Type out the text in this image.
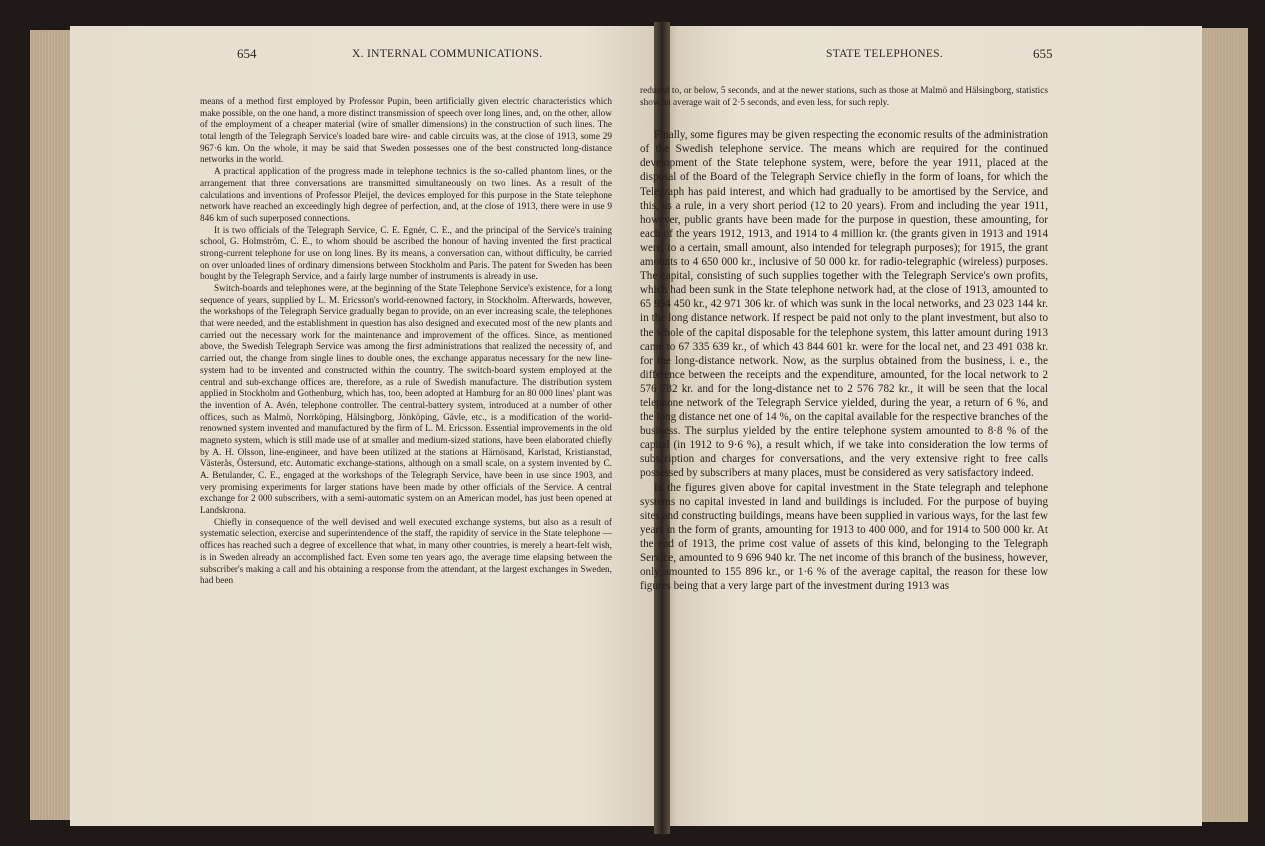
654	X. INTERNAL COMMUNICATIONS.	STATE TELEPHONES.	655

means of a method first employed by Professor Pupin, been artificially given electric characteristics which make possible, on the one hand, a more distinct transmission of speech over long lines, and, on the other, allow of the employment of a cheaper material (wire of smaller dimensions) in the construction of such lines. The total length of the Telegraph Service's loaded bare wire- and cable circuits was, at the close of 1913, some 29 967·6 km. On the whole, it may be said that Sweden possesses one of the best constructed long-distance networks in the world.

A practical application of the progress made in telephone technics is the so-called phantom lines, or the arrangement that three conversations are transmitted simultaneously on two lines. As a result of the calculations and inventions of Professor Pleijel, the devices employed for this purpose in the State telephone network have reached an exceedingly high degree of perfection, and, at the close of 1913, there were in use 9 846 km of such superposed connections.

It is two officials of the Telegraph Service, C. E. Egnér, C. E., and the principal of the Service's training school, G. Holmström, C. E., to whom should be ascribed the honour of having invented the first practical strong-current telephone for use on long lines. By its means, a conversation can, without difficulty, be carried on over unloaded lines of ordinary dimensions between Stockholm and Paris. The patent for Sweden has been bought by the Telegraph Service, and a fairly large number of instruments is already in use.

Switch-boards and telephones were, at the beginning of the State Telephone Service's existence, for a long sequence of years, supplied by L. M. Ericsson's world-renowned factory, in Stockholm. Afterwards, however, the workshops of the Telegraph Service gradually began to provide, on an ever increasing scale, the telephones that were needed, and the establishment in question has also designed and executed most of the new plants and carried out the necessary work for the maintenance and improvement of the offices. Since, as mentioned above, the Swedish Telegraph Service was among the first administrations that realized the necessity of, and carried out, the change from single lines to double ones, the exchange apparatus necessary for the new line-system had to be invented and constructed within the country. The switch-board system employed at the central and sub-exchange offices are, therefore, as a rule of Swedish manufacture. The distribution system applied in Stockholm and Gothenburg, which has, too, been adopted at Hamburg for an 80 000 lines' plant was the invention of A. Avén, telephone controller. The central-battery system, introduced at a number of other offices, such as Malmö, Norrköping, Hälsingborg, Jönköping, Gävle, etc., is a modification of the world-renowned system invented and manufactured by the firm of L. M. Ericsson. Essential improvements in the old magneto system, which is still made use of at smaller and medium-sized stations, have been elaborated chiefly by A. H. Olsson, line-engineer, and have been utilized at the stations at Härnösand, Karlstad, Kristianstad, Västerås, Östersund, etc. Automatic exchange-stations, although on a small scale, on a system invented by C. A. Betulander, C. E., engaged at the workshops of the Telegraph Service, have been in use since 1903, and very promising experiments for larger stations have been made by other officials of the Service. A central exchange for 2 000 subscribers, with a semi-automatic system on an American model, has just been opened at Landskrona.

Chiefly in consequence of the well devised and well executed exchange systems, but also as a result of systematic selection, exercise and superintendence of the staff, the rapidity of service in the State telephone — offices has reached such a degree of excellence that what, in many other countries, is merely a heart-felt wish, is in Sweden already an accomplished fact. Even some ten years ago, the average time elapsing between the subscriber's making a call and his obtaining a response from the attendant, at the largest exchanges in Sweden, had been

reduced to, or below, 5 seconds, and at the newer stations, such as those at Malmö and Hälsingborg, statistics show an average wait of 2·5 seconds, and even less, for such reply.

Finally, some figures may be given respecting the economic results of the administration of the Swedish telephone service. The means which are required for the continued development of the State telephone system, were, before the year 1911, placed at the disposal of the Board of the Telegraph Service chiefly in the form of loans, for which the Telegraph has paid interest, and which had gradually to be amortised by the Service, and this, as a rule, in a very short period (12 to 20 years). From and including the year 1911, however, public grants have been made for the purpose in question, these amounting, for each of the years 1912, 1913, and 1914 to 4 million kr. (the grants given in 1913 and 1914 were, to a certain, small amount, also intended for telegraph purposes); for 1915, the grant amounts to 4 650 000 kr., inclusive of 50 000 kr. for radio-telegraphic (wireless) purposes. The capital, consisting of such supplies together with the Telegraph Service's own profits, which had been sunk in the State telephone network had, at the close of 1913, amounted to 65 994 450 kr., 42 971 306 kr. of which was sunk in the local networks, and 23 023 144 kr. in the long distance network. If respect be paid not only to the plant investment, but also to the whole of the capital disposable for the telephone system, this latter amount during 1913 came to 67 335 639 kr., of which 43 844 601 kr. were for the local net, and 23 491 038 kr. for the long-distance network. Now, as the surplus obtained from the business, i. e., the difference between the receipts and the expenditure, amounted, for the local network to 2 576 782 kr. and for the long-distance net to 2 576 782 kr., it will be seen that the local telephone network of the Telegraph Service yielded, during the year, a return of 6 %, and the long distance net one of 14 %, on the capital available for the respective branches of the business. The surplus yielded by the entire telephone system amounted to 8·8 % of the capital (in 1912 to 9·6 %), a result which, if we take into consideration the low terms of subscription and charges for conversations, and the very extensive right to free calls possessed by subscribers at many places, must be considered as very satisfactory indeed.

In the figures given above for capital investment in the State telegraph and telephone systems no capital invested in land and buildings is included. For the purpose of buying sites and constructing buildings, means have been supplied in various ways, for the last few years in the form of grants, amounting for 1913 to 400 000, and for 1914 to 500 000 kr. At the end of 1913, the prime cost value of assets of this kind, belonging to the Telegraph Service, amounted to 9 696 940 kr. The net income of this branch of the business, however, only amounted to 155 896 kr., or 1·6 % of the average capital, the reason for these low figures being that a very large part of the investment during 1913 was
